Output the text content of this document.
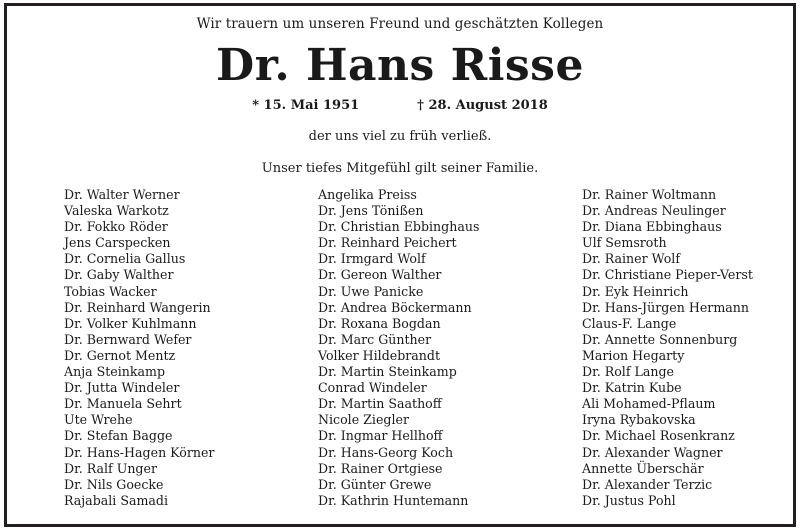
Wir trauern um unseren Freund und geschätzten Kollegen
Dr. Hans Risse
* 15. Mai 1951	† 28. August 2018
der uns viel zu früh verließ.
Unser tiefes Mitgefühl gilt seiner Familie.
Dr. Walter Werner
Valeska Warkotz
Dr. Fokko Röder
Jens Carspecken
Dr. Cornelia Gallus
Dr. Gaby Walther
Tobias Wacker
Dr. Reinhard Wangerin
Dr. Volker Kuhlmann
Dr. Bernward Wefer
Dr. Gernot Mentz
Anja Steinkamp
Dr. Jutta Windeler
Dr. Manuela Sehrt
Ute Wrehe
Dr. Stefan Bagge
Dr. Hans-Hagen Körner
Dr. Ralf Unger
Dr. Nils Goecke
Rajabali Samadi
Angelika Preiss
Dr. Jens Tönißen
Dr. Christian Ebbinghaus
Dr. Reinhard Peichert
Dr. Irmgard Wolf
Dr. Gereon Walther
Dr. Uwe Panicke
Dr. Andrea Böckermann
Dr. Roxana Bogdan
Dr. Marc Günther
Volker Hildebrandt
Dr. Martin Steinkamp
Conrad Windeler
Dr. Martin Saathoff
Nicole Ziegler
Dr. Ingmar Hellhoff
Dr. Hans-Georg Koch
Dr. Rainer Ortgiese
Dr. Günter Grewe
Dr. Kathrin Huntemann
Dr. Rainer Woltmann
Dr. Andreas Neulinger
Dr. Diana Ebbinghaus
Ulf Semsroth
Dr. Rainer Wolf
Dr. Christiane Pieper-Verst
Dr. Eyk Heinrich
Dr. Hans-Jürgen Hermann
Claus-F. Lange
Dr. Annette Sonnenburg
Marion Hegarty
Dr. Rolf Lange
Dr. Katrin Kube
Ali Mohamed-Pflaum
Iryna Rybakovska
Dr. Michael Rosenkranz
Dr. Alexander Wagner
Annette Überschär
Dr. Alexander Terzic
Dr. Justus Pohl
